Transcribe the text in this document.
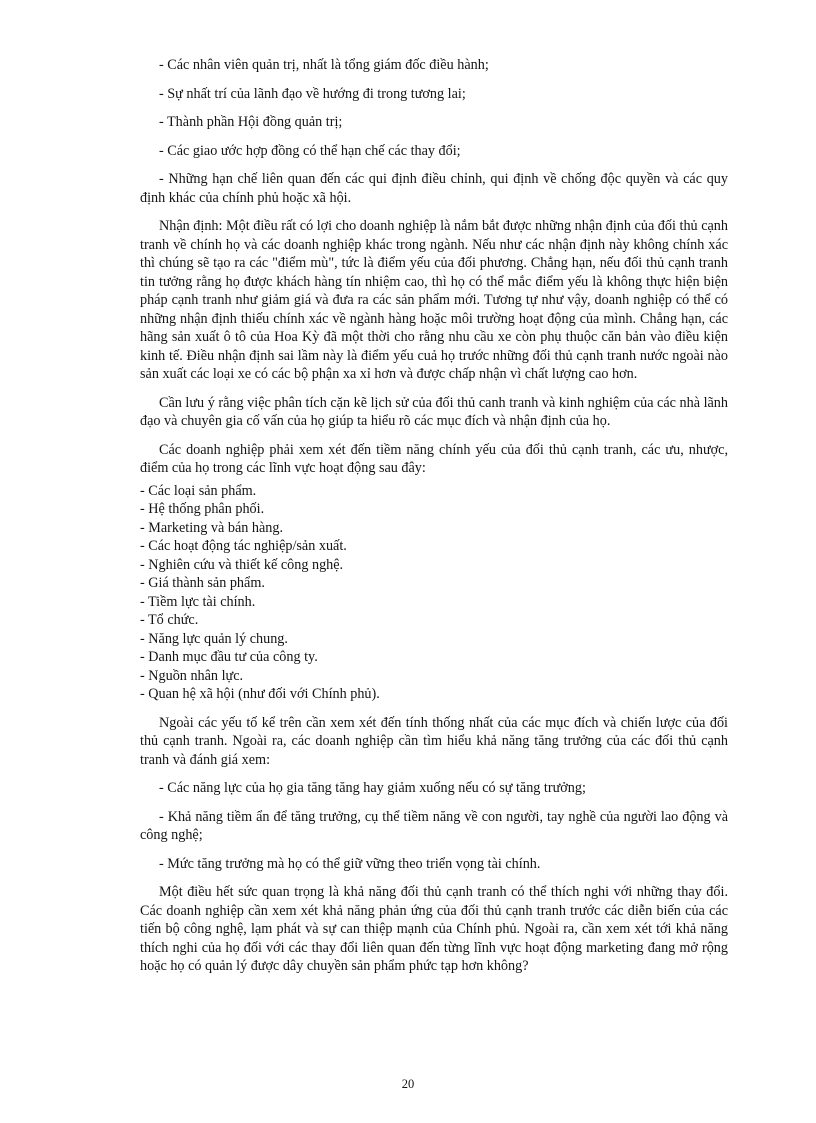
- Các nhân viên quản trị, nhất là tổng giám đốc điều hành;

- Sự nhất trí của lãnh đạo về hướng đi trong tương lai;

- Thành phần Hội đồng quản trị;

- Các giao ước hợp đồng có thể hạn chế các thay đổi;

- Những hạn chế liên quan đến các qui định điều chỉnh, qui định về chống độc quyền và các quy định khác của chính phủ hoặc xã hội.

Nhận định: Một điều rất có lợi cho doanh nghiệp là nắm bắt được những nhận định của đối thủ cạnh tranh về chính họ và các doanh nghiệp khác trong ngành. Nếu như các nhận định này không chính xác thì chúng sẽ tạo ra các "điểm mù", tức là điểm yếu của đối phương. Chẳng hạn, nếu đối thủ cạnh tranh tin tưởng rằng họ được khách hàng tín nhiệm cao, thì họ có thể mắc điểm yếu là không thực hiện biện pháp cạnh tranh như giảm giá và đưa ra các sản phẩm mới. Tương tự như vậy, doanh nghiệp có thể có những nhận định thiếu chính xác về ngành hàng hoặc môi trường hoạt động của mình. Chẳng hạn, các hãng sản xuất ô tô của Hoa Kỳ đã một thời cho rằng nhu cầu xe còn phụ thuộc căn bản vào điều kiện kinh tế. Điều nhận định sai lầm này là điểm yếu cuả họ trước những đối thủ cạnh tranh nước ngoài nào sản xuất các loại xe có các bộ phận xa xỉ hơn và được chấp nhận vì chất lượng cao hơn.

Cần lưu ý rằng việc phân tích cặn kẽ lịch sử của đối thủ canh tranh và kinh nghiệm của các nhà lãnh đạo và chuyên gia cố vấn của họ giúp ta hiểu rõ các mục đích và nhận định của họ.

Các doanh nghiệp phải xem xét đến tiềm năng chính yếu của đối thủ cạnh tranh, các ưu, nhược, điểm của họ trong các lĩnh vực hoạt động sau đây:

- Các loại sản phẩm.
- Hệ thống phân phối.
- Marketing và bán hàng.
- Các hoạt động tác nghiệp/sản xuất.
- Nghiên cứu và thiết kế công nghệ.
- Giá thành sản phẩm.
- Tiềm lực tài chính.
- Tổ chức.
- Năng lực quản lý chung.
- Danh mục đầu tư của công ty.
- Nguồn nhân lực.
- Quan hệ xã hội (như đối với Chính phủ).

Ngoài các yếu tố kể trên cần xem xét đến tính thống nhất của các mục đích và chiến lược của đối thủ cạnh tranh. Ngoài ra, các doanh nghiệp cần tìm hiểu khả năng tăng trưởng của các đối thủ cạnh tranh và đánh giá xem:

- Các năng lực của họ gia tăng tăng hay giảm xuống nếu có sự tăng trưởng;

- Khả năng tiềm ẩn để tăng trưởng, cụ thể tiềm năng về con người, tay nghề của người lao động và công nghệ;

- Mức tăng trưởng mà họ có thể giữ vững theo triển vọng tài chính.

Một điều hết sức quan trọng là khả năng đối thủ cạnh tranh có thể thích nghi với những thay đổi. Các doanh nghiệp cần xem xét khả năng phản ứng của đối thủ cạnh tranh trước các diễn biến của các tiến bộ công nghệ, lạm phát và sự can thiệp mạnh của Chính phủ. Ngoài ra, cần xem xét tới khả năng thích nghi của họ đối với các thay đổi liên quan đến từng lĩnh vực hoạt động marketing đang mở rộng hoặc họ có quản lý được dây chuyền sản phẩm phức tạp hơn không?

20
